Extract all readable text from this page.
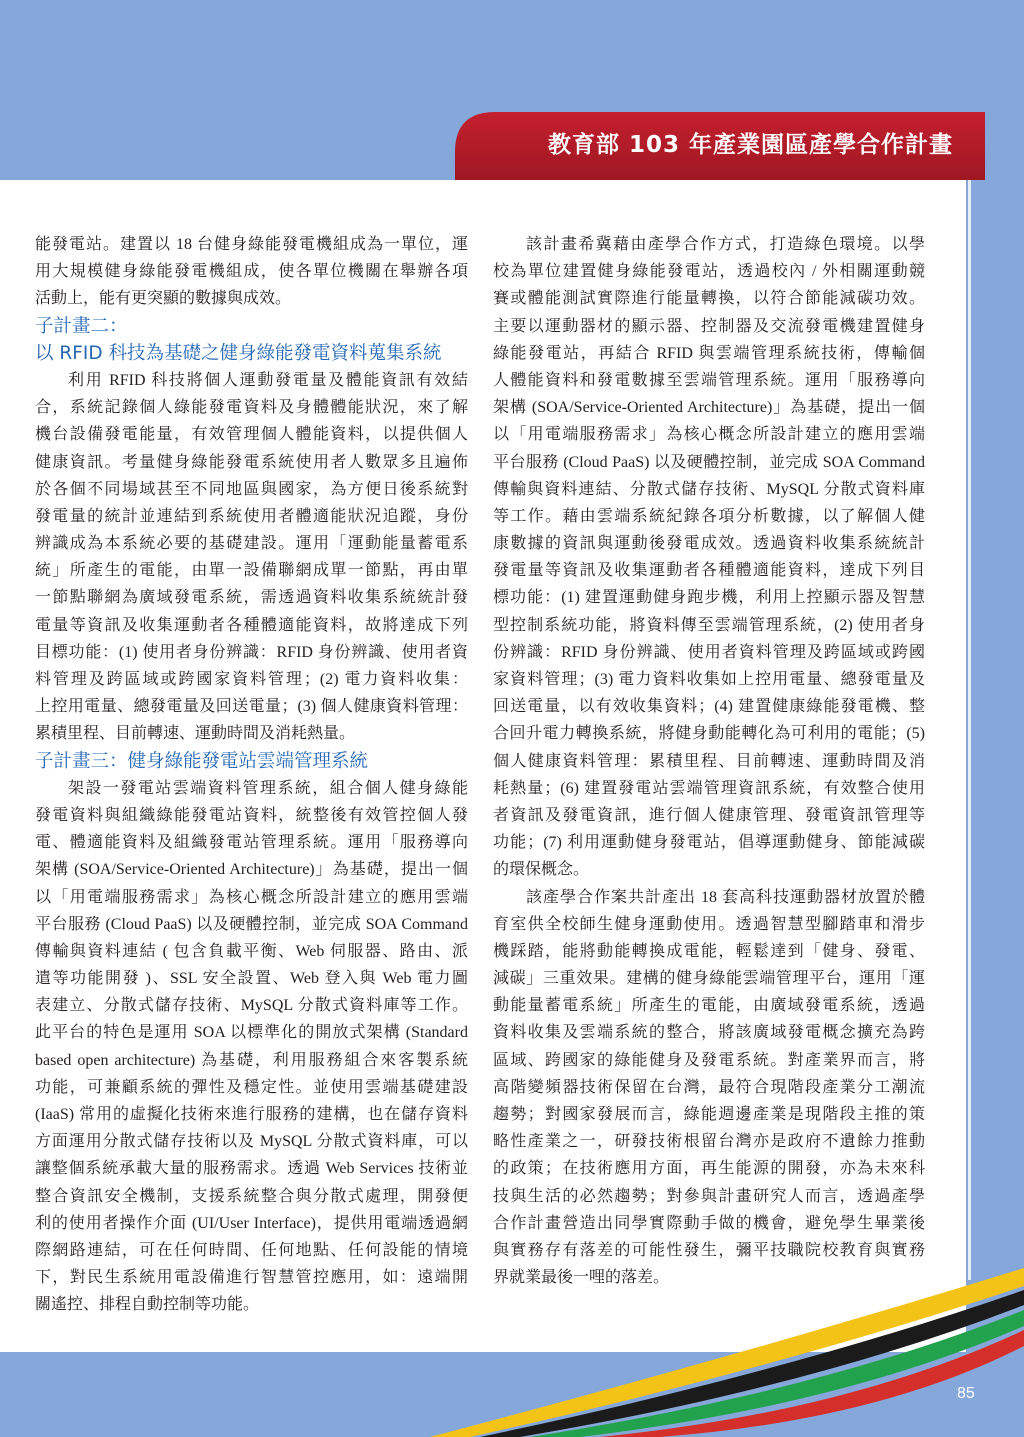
教育部 103 年產業園區產學合作計畫
能發電站。建置以 18 台健身綠能發電機組成為一單位，運
用大規模健身綠能發電機組成，使各單位機關在舉辦各項
活動上，能有更突顯的數據與成效。
子計畫二：
以 RFID 科技為基礎之健身綠能發電資料蒐集系統
利用 RFID 科技將個人運動發電量及體能資訊有效結
合，系統記錄個人綠能發電資料及身體體能狀況，來了解
機台設備發電能量，有效管理個人體能資料，以提供個人
健康資訊。考量健身綠能發電系統使用者人數眾多且遍佈
於各個不同場域甚至不同地區與國家，為方便日後系統對
發電量的統計並連結到系統使用者體適能狀況追蹤，身份
辨識成為本系統必要的基礎建設。運用「運動能量蓄電系
統」所產生的電能，由單一設備聯網成單一節點，再由單
一節點聯網為廣域發電系統，需透過資料收集系統統計發
電量等資訊及收集運動者各種體適能資料，故將達成下列
目標功能：(1) 使用者身份辨識：RFID 身份辨識、使用者資
料管理及跨區域或跨國家資料管理；(2) 電力資料收集：
上控用電量、總發電量及回送電量；(3) 個人健康資料管理：
累積里程、目前轉速、運動時間及消耗熱量。
子計畫三：健身綠能發電站雲端管理系統
架設一發電站雲端資料管理系統，組合個人健身綠能
發電資料與組織綠能發電站資料，統整後有效管控個人發
電、體適能資料及組織發電站管理系統。運用「服務導向
架構 (SOA/Service-Oriented Architecture)」為基礎，提出一個
以「用電端服務需求」為核心概念所設計建立的應用雲端
平台服務 (Cloud PaaS) 以及硬體控制，並完成 SOA Command
傳輸與資料連結 ( 包含負載平衡、Web 伺服器、路由、派
遣等功能開發 )、SSL 安全設置、Web 登入與 Web 電力圖
表建立、分散式儲存技術、MySQL 分散式資料庫等工作。
此平台的特色是運用 SOA 以標準化的開放式架構 (Standard
based open architecture) 為基礎，利用服務組合來客製系統
功能，可兼顧系統的彈性及穩定性。並使用雲端基礎建設
(IaaS) 常用的虛擬化技術來進行服務的建構，也在儲存資料
方面運用分散式儲存技術以及 MySQL 分散式資料庫，可以
讓整個系統承載大量的服務需求。透過 Web Services 技術並
整合資訊安全機制，支援系統整合與分散式處理，開發便
利的使用者操作介面 (UI/User Interface)，提供用電端透過網
際網路連結，可在任何時間、任何地點、任何設能的情境
下，對民生系統用電設備進行智慧管控應用，如：遠端開
關遙控、排程自動控制等功能。
該計畫希冀藉由產學合作方式，打造綠色環境。以學
校為單位建置健身綠能發電站，透過校內 / 外相關運動競
賽或體能測試實際進行能量轉換，以符合節能減碳功效。
主要以運動器材的顯示器、控制器及交流發電機建置健身
綠能發電站，再結合 RFID 與雲端管理系統技術，傳輸個
人體能資料和發電數據至雲端管理系統。運用「服務導向
架構 (SOA/Service-Oriented Architecture)」為基礎，提出一個
以「用電端服務需求」為核心概念所設計建立的應用雲端
平台服務 (Cloud PaaS) 以及硬體控制，並完成 SOA Command
傳輸與資料連結、分散式儲存技術、MySQL 分散式資料庫
等工作。藉由雲端系統紀錄各項分析數據，以了解個人健
康數據的資訊與運動後發電成效。透過資料收集系統統計
發電量等資訊及收集運動者各種體適能資料，達成下列目
標功能：(1) 建置運動健身跑步機，利用上控顯示器及智慧
型控制系統功能，將資料傳至雲端管理系統，(2) 使用者身
份辨識：RFID 身份辨識、使用者資料管理及跨區域或跨國
家資料管理；(3) 電力資料收集如上控用電量、總發電量及
回送電量，以有效收集資料；(4) 建置健康綠能發電機、整
合回升電力轉換系統，將健身動能轉化為可利用的電能；(5)
個人健康資料管理：累積里程、目前轉速、運動時間及消
耗熱量；(6) 建置發電站雲端管理資訊系統，有效整合使用
者資訊及發電資訊，進行個人健康管理、發電資訊管理等
功能；(7) 利用運動健身發電站，倡導運動健身、節能減碳
的環保概念。
該產學合作案共計產出 18 套高科技運動器材放置於體
育室供全校師生健身運動使用。透過智慧型腳踏車和滑步
機踩踏，能將動能轉換成電能，輕鬆達到「健身、發電、
減碳」三重效果。建構的健身綠能雲端管理平台，運用「運
動能量蓄電系統」所產生的電能，由廣域發電系統，透過
資料收集及雲端系統的整合，將該廣域發電概念擴充為跨
區域、跨國家的綠能健身及發電系統。對產業界而言，將
高階變頻器技術保留在台灣，最符合現階段產業分工潮流
趨勢；對國家發展而言，綠能週邊產業是現階段主推的策
略性產業之一，研發技術根留台灣亦是政府不遺餘力推動
的政策；在技術應用方面，再生能源的開發，亦為未來科
技與生活的必然趨勢；對參與計畫研究人而言，透過產學
合作計畫營造出同學實際動手做的機會，避免學生畢業後
與實務存有落差的可能性發生，彌平技職院校教育與實務
界就業最後一哩的落差。
85
